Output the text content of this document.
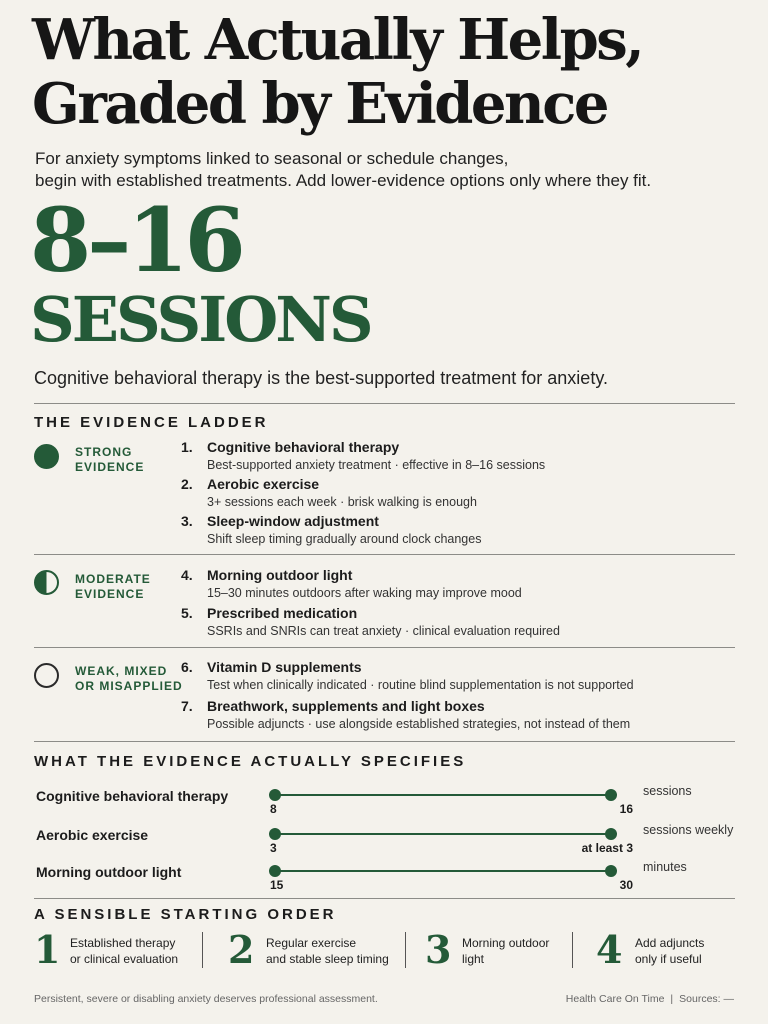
What Actually Helps, Graded by Evidence
For anxiety symptoms linked to seasonal or schedule changes,
begin with established treatments. Add lower-evidence options only where they fit.
8–16
SESSIONS
Cognitive behavioral therapy is the best-supported treatment for anxiety.
THE EVIDENCE LADDER
STRONG EVIDENCE
1. Cognitive behavioral therapy
Best-supported anxiety treatment · effective in 8–16 sessions
2. Aerobic exercise
3+ sessions each week · brisk walking is enough
3. Sleep-window adjustment
Shift sleep timing gradually around clock changes
MODERATE EVIDENCE
4. Morning outdoor light
15–30 minutes outdoors after waking may improve mood
5. Prescribed medication
SSRIs and SNRIs can treat anxiety · clinical evaluation required
WEAK, MIXED OR MISAPPLIED
6. Vitamin D supplements
Test when clinically indicated · routine blind supplementation is not supported
7. Breathwork, supplements and light boxes
Possible adjuncts · use alongside established strategies, not instead of them
WHAT THE EVIDENCE ACTUALLY SPECIFIES
Cognitive behavioral therapy
8	16
sessions
Aerobic exercise
3	at least 3
sessions weekly
Morning outdoor light
15	30
minutes
A SENSIBLE STARTING ORDER
1 Established therapy
or clinical evaluation	2 Regular exercise
and stable sleep timing 3 Morning outdoor
light	4 Add adjuncts
only if useful
Persistent, severe or disabling anxiety deserves professional assessment.	Health Care On Time | Sources: —
